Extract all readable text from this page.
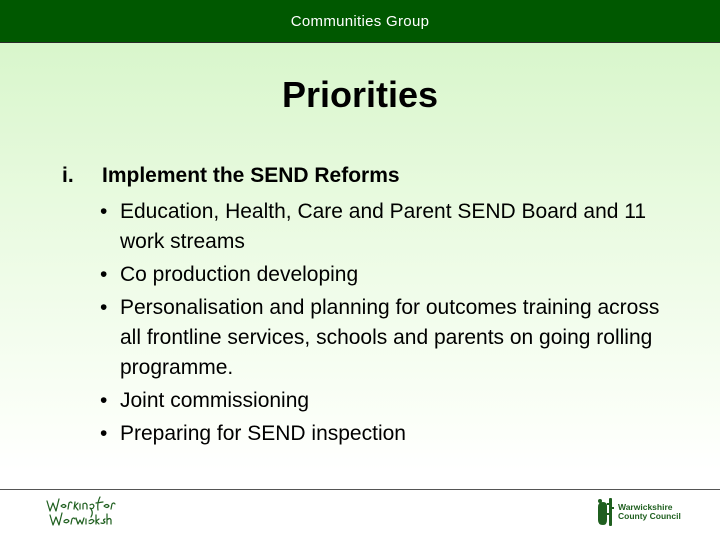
Communities Group
Priorities
i. Implement the SEND Reforms
• Education, Health, Care and Parent SEND Board and 11 work streams
• Co production developing
• Personalisation and planning for outcomes training across all frontline services, schools and parents on going rolling programme.
• Joint commissioning
• Preparing for SEND inspection
Warwickshire
County Council
